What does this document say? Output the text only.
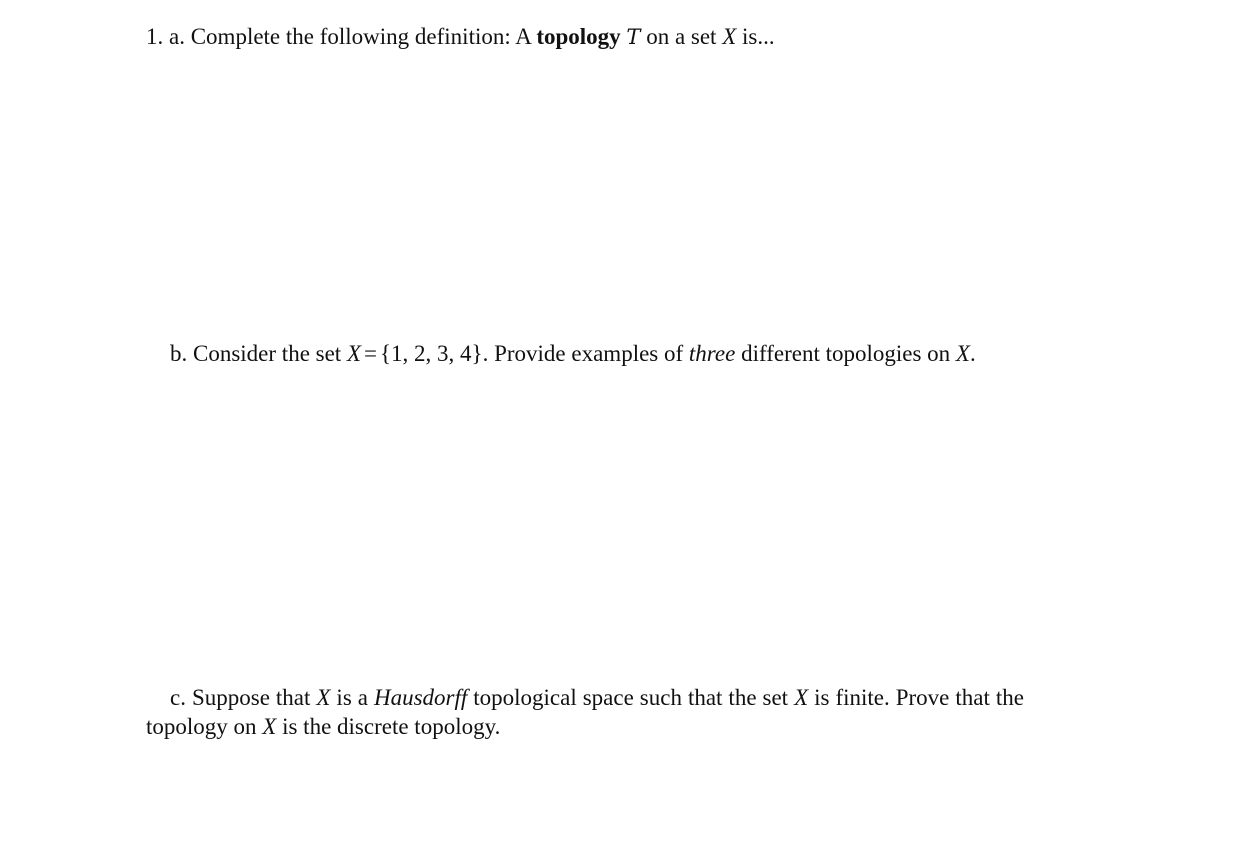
1. a. Complete the following definition: A topology T on a set X is...

b. Consider the set X = {1, 2, 3, 4}. Provide examples of three different topologies on X.

c. Suppose that X is a Hausdorff topological space such that the set X is finite. Prove that the topology on X is the discrete topology.
